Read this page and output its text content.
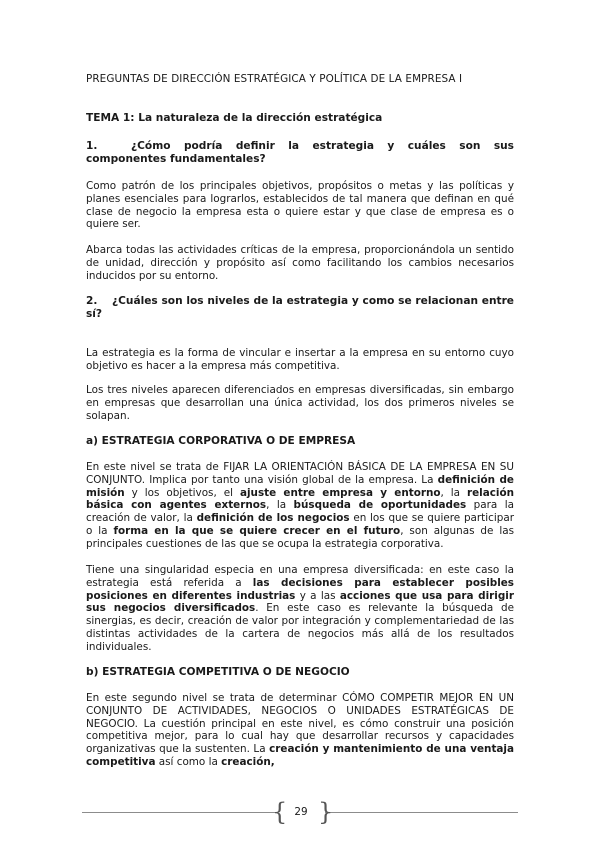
PREGUNTAS DE DIRECCIÓN ESTRATÉGICA Y POLÍTICA DE LA EMPRESA I
TEMA 1: La naturaleza de la dirección estratégica
1.	¿Cómo podría definir la estrategia y cuáles son sus componentes fundamentales?
Como patrón de los principales objetivos, propósitos o metas y las políticas y planes esenciales para lograrlos, establecidos de tal manera que definan en qué clase de negocio la empresa esta o quiere estar y que clase de empresa es o quiere ser.
Abarca todas las actividades críticas de la empresa, proporcionándola un sentido de unidad, dirección y propósito así como facilitando los cambios necesarios inducidos por su entorno.
2. ¿Cuáles son los niveles de la estrategia y como se relacionan entre sí?
La estrategia es la forma de vincular e insertar a la empresa en su entorno cuyo objetivo es hacer a la empresa más competitiva.
Los tres niveles aparecen diferenciados en empresas diversificadas, sin embargo en empresas que desarrollan una única actividad, los dos primeros niveles se solapan.
a) ESTRATEGIA CORPORATIVA O DE EMPRESA
En este nivel se trata de FIJAR LA ORIENTACIÓN BÁSICA DE LA EMPRESA EN SU CONJUNTO. Implica por tanto una visión global de la empresa. La definición de misión y los objetivos, el ajuste entre empresa y entorno, la relación básica con agentes externos, la búsqueda de oportunidades para la creación de valor, la definición de los negocios en los que se quiere participar o la forma en la que se quiere crecer en el futuro, son algunas de las principales cuestiones de las que se ocupa la estrategia corporativa.
Tiene una singularidad especia en una empresa diversificada: en este caso la estrategia está referida a las decisiones para establecer posibles posiciones en diferentes industrias y a las acciones que usa para dirigir sus negocios diversificados. En este caso es relevante la búsqueda de sinergias, es decir, creación de valor por integración y complementariedad de las distintas actividades de la cartera de negocios más allá de los resultados individuales.
b) ESTRATEGIA COMPETITIVA O DE NEGOCIO
En este segundo nivel se trata de determinar CÓMO COMPETIR MEJOR EN UN CONJUNTO DE ACTIVIDADES, NEGOCIOS O UNIDADES ESTRATÉGICAS DE NEGOCIO. La cuestión principal en este nivel, es cómo construir una posición competitiva mejor, para lo cual hay que desarrollar recursos y capacidades organizativas que la sustenten. La creación y mantenimiento de una ventaja competitiva así como la creación,
{ }
29
